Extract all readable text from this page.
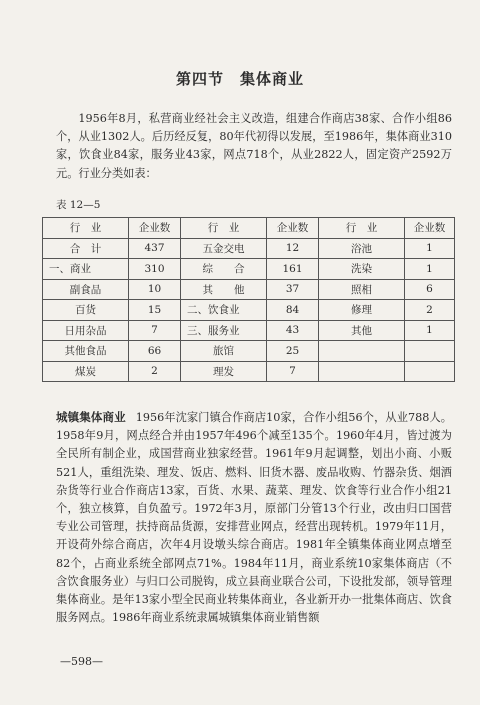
第四节　集体商业

1956年8月，私营商业经社会主义改造，组建合作商店38家、合作小组86个，从业1302人。后历经反复，80年代初得以发展，至1986年，集体商业310家，饮食业84家，服务业43家，网点718个，从业2822人，固定资产2592万元。行业分类如表：

表 12—5
行　业	企业数	行　业	企业数	行　业	企业数
合　计	437	五金交电	12	浴池	1
一、商业	310	综　　合	161	洗染	1
副食品	10	其　　他	37	照相	6
百货	15	二、饮食业	84	修理	2
日用杂品	7	三、服务业	43	其他	1
其他食品	66	旅馆	25		
煤炭	2	理发	7		

城镇集体商业 1956年沈家门镇合作商店10家，合作小组56个，从业788人。1958年9月，网点经合并由1957年496个减至135个。1960年4月，皆过渡为全民所有制企业，成国营商业独家经营。1961年9月起调整，划出小商、小贩521人，重组洗染、理发、饭店、燃料、旧货木器、废品收购、竹器杂货、烟酒杂货等行业合作商店13家，百货、水果、蔬菜、理发、饮食等行业合作小组21个，独立核算，自负盈亏。1972年3月，原部门分管13个行业，改由归口国营专业公司管理，扶持商品货源，安排营业网点，经营出现转机。1979年11月，开设荷外综合商店，次年4月设墩头综合商店。1981年全镇集体商业网点增至82个，占商业系统全部网点71%。1984年11月，商业系统10家集体商店（不含饮食服务业）与归口公司脱钩，成立县商业联合公司，下设批发部，领导管理集体商业。是年13家小型全民商业转集体商业，各业新开办一批集体商店、饮食服务网点。1986年商业系统隶属城镇集体商业销售额

—598—
